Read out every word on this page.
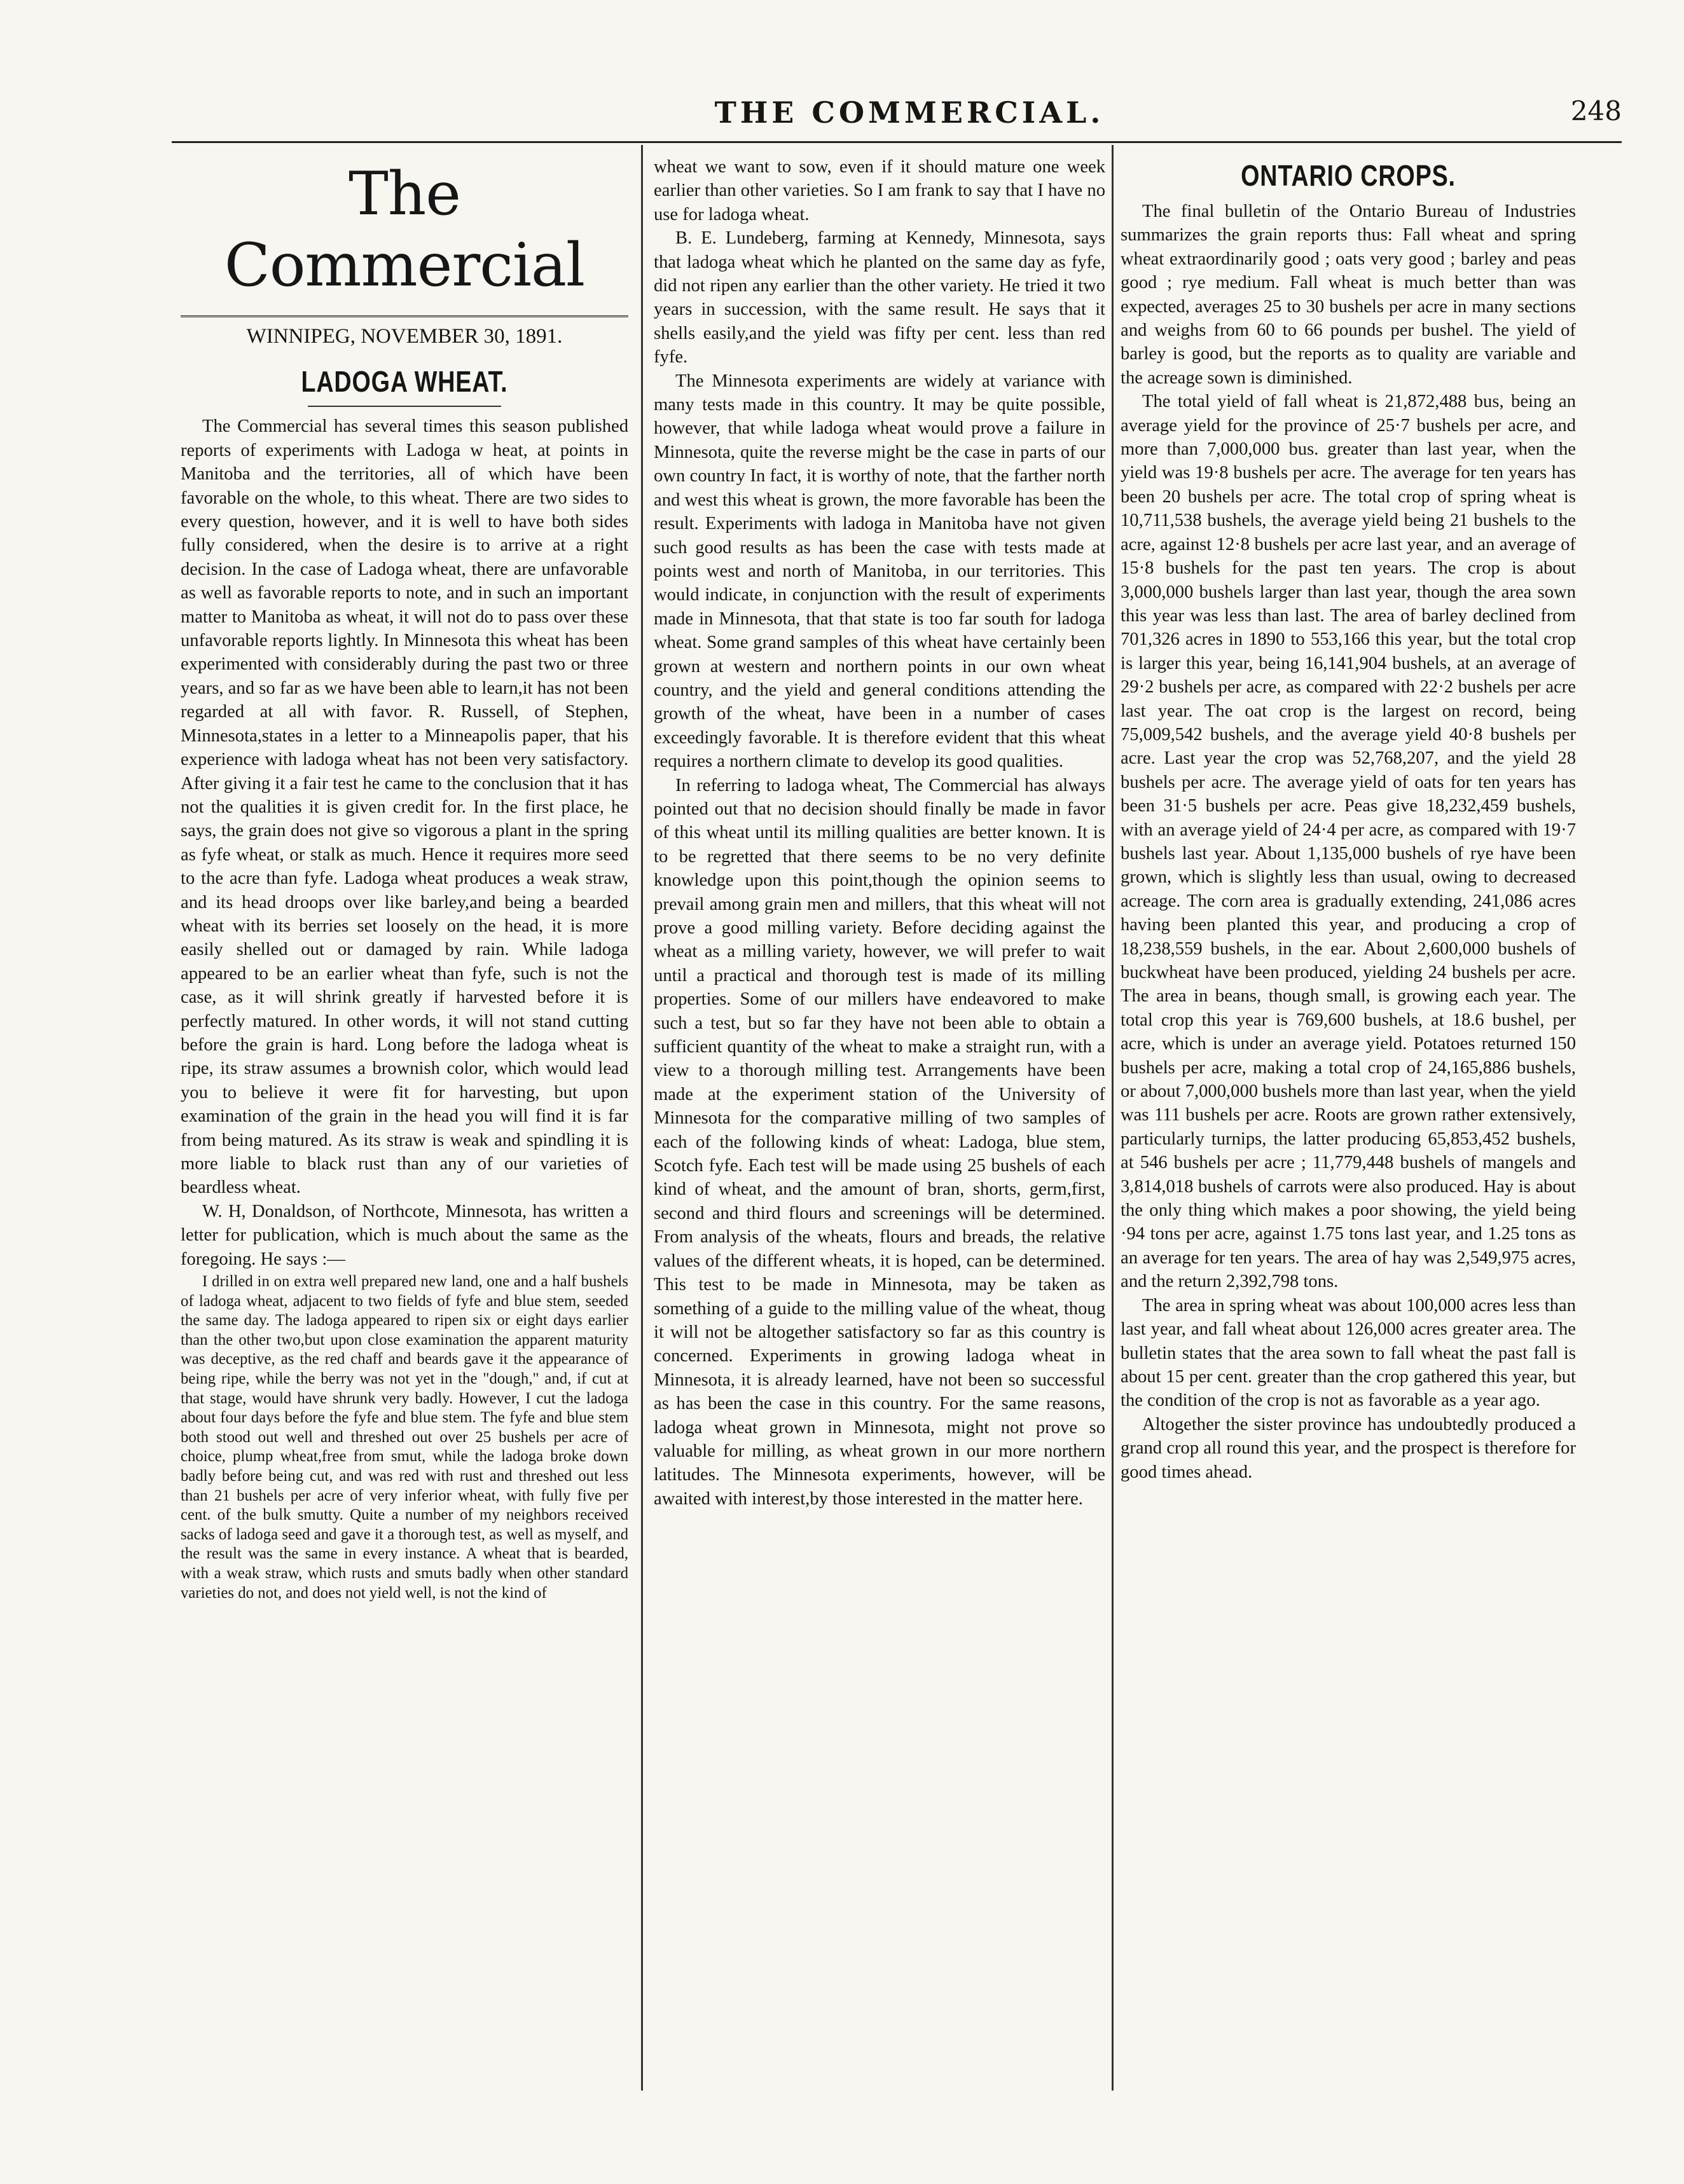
THE COMMERCIAL.	248
The Commercial
WINNIPEG, NOVEMBER 30, 1891.
LADOGA WHEAT.

The Commercial has several times this season published reports of experiments with Ladoga w heat, at points in Manitoba and the territories, all of which have been favorable on the whole, to this wheat. There are two sides to every question, however, and it is well to have both sides fully considered, when the desire is to arrive at a right decision. In the case of Ladoga wheat, there are unfavorable as well as favorable reports to note, and in such an important matter to Manitoba as wheat, it will not do to pass over these unfavorable reports lightly. In Minnesota this wheat has been experimented with considerably during the past two or three years, and so far as we have been able to learn,it has not been regarded at all with favor. R. Russell, of Stephen, Minnesota,states in a letter to a Minneapolis paper, that his experience with ladoga wheat has not been very satisfactory. After giving it a fair test he came to the conclusion that it has not the qualities it is given credit for. In the first place, he says, the grain does not give so vigorous a plant in the spring as fyfe wheat, or stalk as much. Hence it requires more seed to the acre than fyfe. Ladoga wheat produces a weak straw, and its head droops over like barley,and being a bearded wheat with its berries set loosely on the head, it is more easily shelled out or damaged by rain. While ladoga appeared to be an earlier wheat than fyfe, such is not the case, as it will shrink greatly if harvested before it is perfectly matured. In other words, it will not stand cutting before the grain is hard. Long before the ladoga wheat is ripe, its straw assumes a brownish color, which would lead you to believe it were fit for harvesting, but upon examination of the grain in the head you will find it is far from being matured. As its straw is weak and spindling it is more liable to black rust than any of our varieties of beardless wheat.

W. H, Donaldson, of Northcote, Minnesota, has written a letter for publication, which is much about the same as the foregoing. He says :—

I drilled in on extra well prepared new land, one and a half bushels of ladoga wheat, adjacent to two fields of fyfe and blue stem, seeded the same day. The ladoga appeared to ripen six or eight days earlier than the other two,but upon close examination the apparent maturity was deceptive, as the red chaff and beards gave it the appearance of being ripe, while the berry was not yet in the "dough," and, if cut at that stage, would have shrunk very badly. However, I cut the ladoga about four days before the fyfe and blue stem. The fyfe and blue stem both stood out well and threshed out over 25 bushels per acre of choice, plump wheat,free from smut, while the ladoga broke down badly before being cut, and was red with rust and threshed out less than 21 bushels per acre of very inferior wheat, with fully five per cent. of the bulk smutty. Quite a number of my neighbors received sacks of ladoga seed and gave it a thorough test, as well as myself, and the result was the same in every instance. A wheat that is bearded, with a weak straw, which rusts and smuts badly when other standard varieties do not, and does not yield well, is not the kind of

wheat we want to sow, even if it should mature one week earlier than other varieties. So I am frank to say that I have no use for ladoga wheat.

B. E. Lundeberg, farming at Kennedy, Minnesota, says that ladoga wheat which he planted on the same day as fyfe, did not ripen any earlier than the other variety. He tried it two years in succession, with the same result. He says that it shells easily,and the yield was fifty per cent. less than red fyfe.

The Minnesota experiments are widely at variance with many tests made in this country. It may be quite possible, however, that while ladoga wheat would prove a failure in Minnesota, quite the reverse might be the case in parts of our own country In fact, it is worthy of note, that the farther north and west this wheat is grown, the more favorable has been the result. Experiments with ladoga in Manitoba have not given such good results as has been the case with tests made at points west and north of Manitoba, in our territories. This would indicate, in conjunction with the result of experiments made in Minnesota, that that state is too far south for ladoga wheat. Some grand samples of this wheat have certainly been grown at western and northern points in our own wheat country, and the yield and general conditions attending the growth of the wheat, have been in a number of cases exceedingly favorable. It is therefore evident that this wheat requires a northern climate to develop its good qualities.

In referring to ladoga wheat, The Commercial has always pointed out that no decision should finally be made in favor of this wheat until its milling qualities are better known. It is to be regretted that there seems to be no very definite knowledge upon this point,though the opinion seems to prevail among grain men and millers, that this wheat will not prove a good milling variety. Before deciding against the wheat as a milling variety, however, we will prefer to wait until a practical and thorough test is made of its milling properties. Some of our millers have endeavored to make such a test, but so far they have not been able to obtain a sufficient quantity of the wheat to make a straight run, with a view to a thorough milling test. Arrangements have been made at the experiment station of the University of Minnesota for the comparative milling of two samples of each of the following kinds of wheat: Ladoga, blue stem, Scotch fyfe. Each test will be made using 25 bushels of each kind of wheat, and the amount of bran, shorts, germ,first, second and third flours and screenings will be determined. From analysis of the wheats, flours and breads, the relative values of the different wheats, it is hoped, can be determined. This test to be made in Minnesota, may be taken as something of a guide to the milling value of the wheat, thoug it will not be altogether satisfactory so far as this country is concerned. Experiments in growing ladoga wheat in Minnesota, it is already learned, have not been so successful as has been the case in this country. For the same reasons, ladoga wheat grown in Minnesota, might not prove so valuable for milling, as wheat grown in our more northern latitudes. The Minnesota experiments, however, will be awaited with interest,by those interested in the matter here.

ONTARIO CROPS.

The final bulletin of the Ontario Bureau of Industries summarizes the grain reports thus: Fall wheat and spring wheat extraordinarily good ; oats very good ; barley and peas good ; rye medium. Fall wheat is much better than was expected, averages 25 to 30 bushels per acre in many sections and weighs from 60 to 66 pounds per bushel. The yield of barley is good, but the reports as to quality are variable and the acreage sown is diminished.

The total yield of fall wheat is 21,872,488 bus, being an average yield for the province of 25·7 bushels per acre, and more than 7,000,000 bus. greater than last year, when the yield was 19·8 bushels per acre. The average for ten years has been 20 bushels per acre. The total crop of spring wheat is 10,711,538 bushels, the average yield being 21 bushels to the acre, against 12·8 bushels per acre last year, and an average of 15·8 bushels for the past ten years. The crop is about 3,000,000 bushels larger than last year, though the area sown this year was less than last. The area of barley declined from 701,326 acres in 1890 to 553,166 this year, but the total crop is larger this year, being 16,141,904 bushels, at an average of 29·2 bushels per acre, as compared with 22·2 bushels per acre last year. The oat crop is the largest on record, being 75,009,542 bushels, and the average yield 40·8 bushels per acre. Last year the crop was 52,768,207, and the yield 28 bushels per acre. The average yield of oats for ten years has been 31·5 bushels per acre. Peas give 18,232,459 bushels, with an average yield of 24·4 per acre, as compared with 19·7 bushels last year. About 1,135,000 bushels of rye have been grown, which is slightly less than usual, owing to decreased acreage. The corn area is gradually extending, 241,086 acres having been planted this year, and producing a crop of 18,238,559 bushels, in the ear. About 2,600,000 bushels of buckwheat have been produced, yielding 24 bushels per acre. The area in beans, though small, is growing each year. The total crop this year is 769,600 bushels, at 18.6 bushel, per acre, which is under an average yield. Potatoes returned 150 bushels per acre, making a total crop of 24,165,886 bushels, or about 7,000,000 bushels more than last year, when the yield was 111 bushels per acre. Roots are grown rather extensively, particularly turnips, the latter producing 65,853,452 bushels, at 546 bushels per acre ; 11,779,448 bushels of mangels and 3,814,018 bushels of carrots were also produced. Hay is about the only thing which makes a poor showing, the yield being ·94 tons per acre, against 1.75 tons last year, and 1.25 tons as an average for ten years. The area of hay was 2,549,975 acres, and the return 2,392,798 tons.

The area in spring wheat was about 100,000 acres less than last year, and fall wheat about 126,000 acres greater area. The bulletin states that the area sown to fall wheat the past fall is about 15 per cent. greater than the crop gathered this year, but the condition of the crop is not as favorable as a year ago.

Altogether the sister province has undoubtedly produced a grand crop all round this year, and the prospect is therefore for good times ahead.
